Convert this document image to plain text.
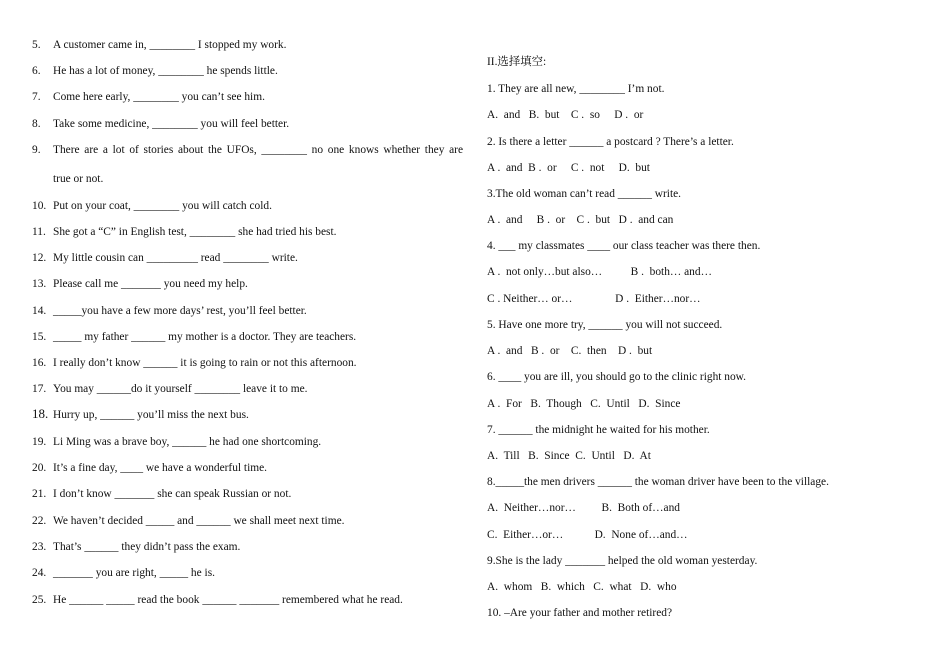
5. A customer came in, ________ I stopped my work.
6. He has a lot of money, ________ he spends little.
7. Come here early, ________ you can’t see him.
8. Take some medicine, ________ you will feel better.
9. There are a lot of stories about the UFOs, ________ no one knows whether they are
true or not.
10. Put on your coat, ________ you will catch cold.
11. She got a “C” in English test, ________ she had tried his best.
12. My little cousin can _________ read ________ write.
13. Please call me _______ you need my help.
14. _____you have a few more days’ rest, you’ll feel better.
15. _____ my father ______ my mother is a doctor. They are teachers.
16. I really don’t know ______ it is going to rain or not this afternoon.
17. You may ______do it yourself ________ leave it to me.
18. Hurry up, ______ you’ll miss the next bus.
19. Li Ming was a brave boy, ______ he had one shortcoming.
20. It’s a fine day, ____ we have a wonderful time.
21. I don’t know _______ she can speak Russian or not.
22. We haven’t decided _____ and ______ we shall meet next time.
23. That’s ______ they didn’t pass the exam.
24. _______ you are right, _____ he is.
25. He ______ _____ read the book ______ _______ remembered what he read.
II.选择填空:
1. They are all new, ________ I’m not.
A.  and   B.  but    C .  so     D .  or
2. Is there a letter ______ a postcard ? There’s a letter.
A .  and  B .  or     C .  not     D.  but
3.The old woman can’t read ______ write.
A .  and     B .  or    C .  but   D .  and can
4. ___ my classmates ____ our class teacher was there then.
A .  not only…but also…          B .  both… and…
C . Neither… or…               D .  Either…nor…
5. Have one more try, ______ you will not succeed.
A .  and   B .  or    C.  then    D .  but
6. ____ you are ill, you should go to the clinic right now.
A .  For   B.  Though   C.  Until   D.  Since
7. ______ the midnight he waited for his mother.
A.  Till   B.  Since  C.  Until   D.  At
8._____the men drivers ______ the woman driver have been to the village.
A.  Neither…nor…         B.  Both of…and
C.  Either…or…           D.  None of…and…
9.She is the lady _______ helped the old woman yesterday.
A.  whom   B.  which   C.  what   D.  who
10. –Are your father and mother retired?
